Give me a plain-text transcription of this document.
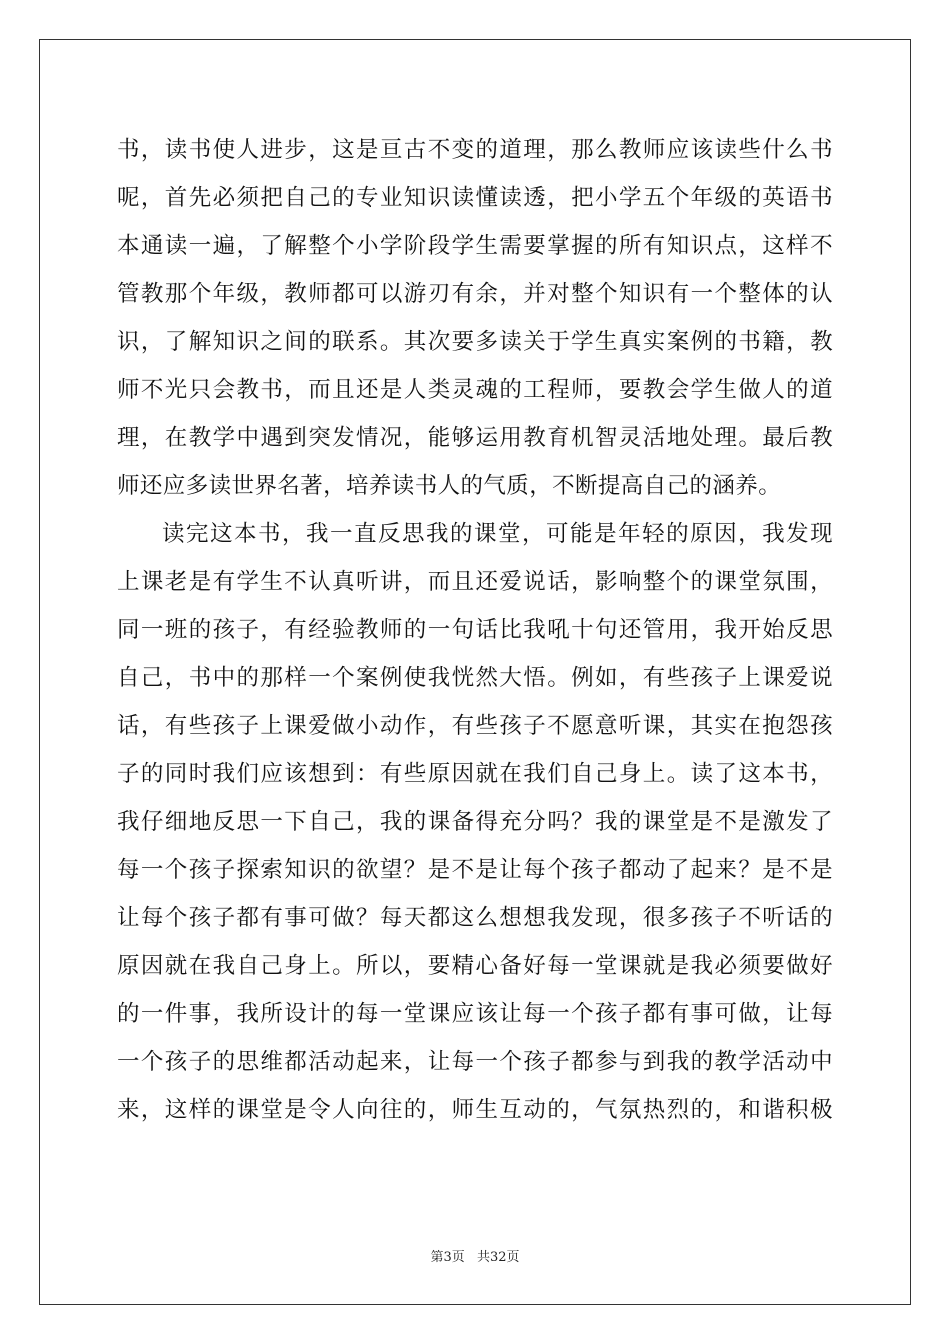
书，读书使人进步，这是亘古不变的道理，那么教师应该读些什么书
呢，首先必须把自己的专业知识读懂读透，把小学五个年级的英语书
本通读一遍，了解整个小学阶段学生需要掌握的所有知识点，这样不
管教那个年级，教师都可以游刃有余，并对整个知识有一个整体的认
识，了解知识之间的联系。其次要多读关于学生真实案例的书籍，教
师不光只会教书，而且还是人类灵魂的工程师，要教会学生做人的道
理，在教学中遇到突发情况，能够运用教育机智灵活地处理。最后教
师还应多读世界名著，培养读书人的气质，不断提高自己的涵养。
读完这本书，我一直反思我的课堂，可能是年轻的原因，我发现
上课老是有学生不认真听讲，而且还爱说话，影响整个的课堂氛围，
同一班的孩子，有经验教师的一句话比我吼十句还管用，我开始反思
自己，书中的那样一个案例使我恍然大悟。例如，有些孩子上课爱说
话，有些孩子上课爱做小动作，有些孩子不愿意听课，其实在抱怨孩
子的同时我们应该想到：有些原因就在我们自己身上。读了这本书，
我仔细地反思一下自己，我的课备得充分吗？我的课堂是不是激发了
每一个孩子探索知识的欲望？是不是让每个孩子都动了起来？是不是
让每个孩子都有事可做？每天都这么想想我发现，很多孩子不听话的
原因就在我自己身上。所以，要精心备好每一堂课就是我必须要做好
的一件事，我所设计的每一堂课应该让每一个孩子都有事可做，让每
一个孩子的思维都活动起来，让每一个孩子都参与到我的教学活动中
来，这样的课堂是令人向往的，师生互动的，气氛热烈的，和谐积极
第3页 共32页
